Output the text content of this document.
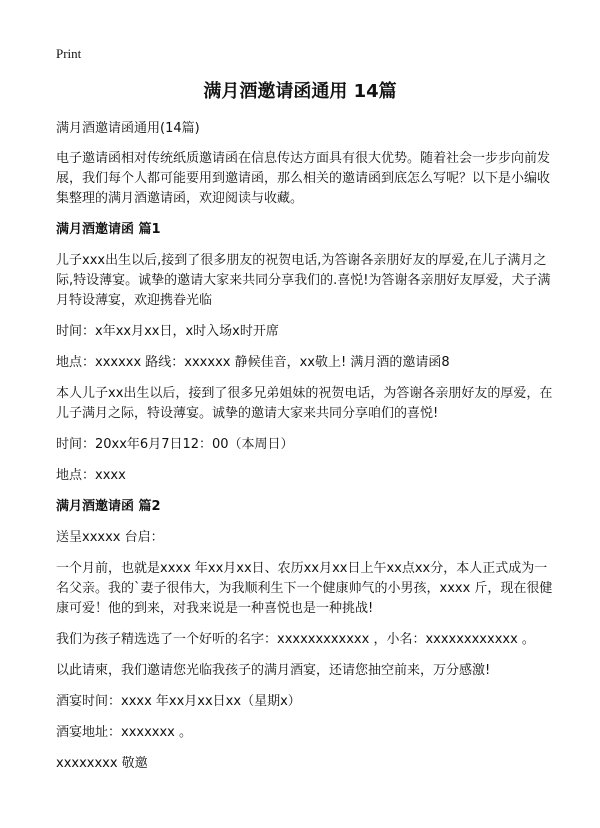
Print
满月酒邀请函通用 14篇

满月酒邀请函通用(14篇)

电子邀请函相对传统纸质邀请函在信息传达方面具有很大优势。随着社会一步步向前发展，我们每个人都可能要用到邀请函，那么相关的邀请函到底怎么写呢？以下是小编收集整理的满月酒邀请函，欢迎阅读与收藏。

满月酒邀请函 篇1

儿子xxx出生以后,接到了很多朋友的祝贺电话,为答谢各亲朋好友的厚爱,在儿子满月之际,特设薄宴。诚挚的邀请大家来共同分享我们的.喜悦!为答谢各亲朋好友厚爱，犬子满月特设薄宴，欢迎携眷光临

时间：x年xx月xx日，x时入场x时开席

地点：xxxxxx 路线：xxxxxx 静候佳音，xx敬上! 满月酒的邀请函8

本人儿子xx出生以后，接到了很多兄弟姐妹的祝贺电话，为答谢各亲朋好友的厚爱，在儿子满月之际，特设薄宴。诚挚的邀请大家来共同分享咱们的喜悦!

时间：20xx年6月7日12：00（本周日）

地点：xxxx

满月酒邀请函 篇2

送呈xxxxx 台启：

一个月前，也就是xxxx 年xx月xx日、农历xx月xx日上午xx点xx分，本人正式成为一名父亲。我的`妻子很伟大，为我顺利生下一个健康帅气的小男孩，xxxx 斤，现在很健康可爱！他的到来，对我来说是一种喜悦也是一种挑战!

我们为孩子精选选了一个好听的名字：xxxxxxxxxxxx ，小名：xxxxxxxxxxxx 。

以此请柬，我们邀请您光临我孩子的满月酒宴，还请您抽空前来，万分感激!

酒宴时间：xxxx 年xx月xx日xx（星期x）

酒宴地址：xxxxxxx 。

xxxxxxxx 敬邀
